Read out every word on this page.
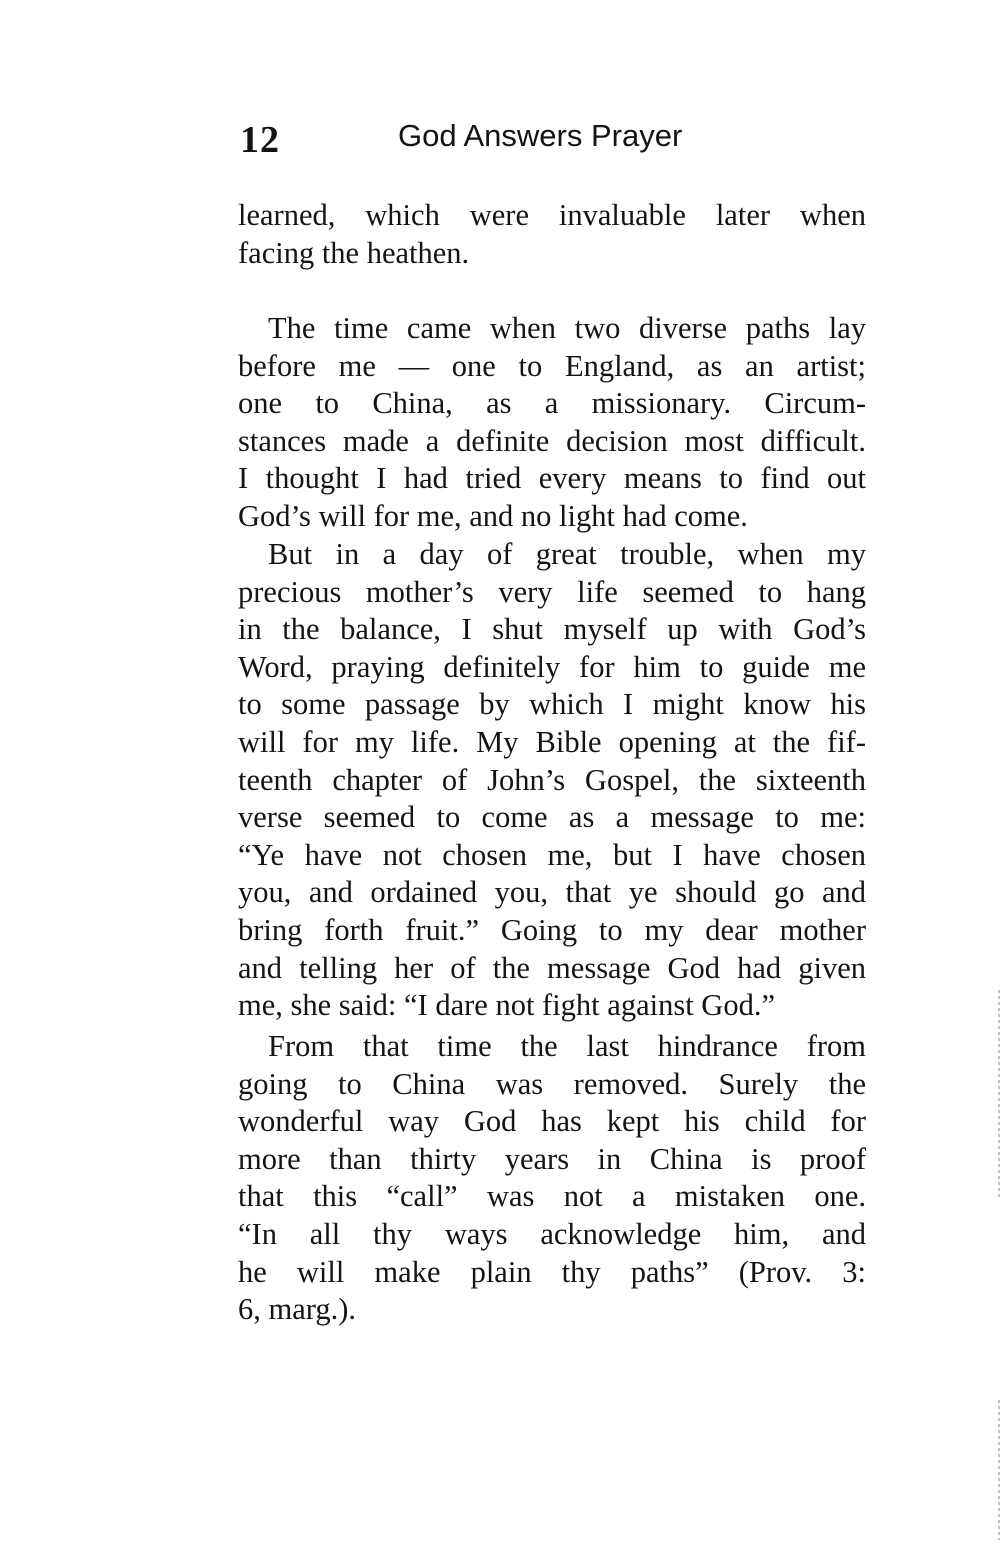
12	God Answers Prayer
learned, which were invaluable later when
facing the heathen.
The time came when two diverse paths lay
before me — one to England, as an artist;
one to China, as a missionary. Circum-
stances made a definite decision most difficult.
I thought I had tried every means to find out
God’s will for me, and no light had come.
But in a day of great trouble, when my
precious mother’s very life seemed to hang
in the balance, I shut myself up with God’s
Word, praying definitely for him to guide me
to some passage by which I might know his
will for my life. My Bible opening at the fif-
teenth chapter of John’s Gospel, the sixteenth
verse seemed to come as a message to me:
“Ye have not chosen me, but I have chosen
you, and ordained you, that ye should go and
bring forth fruit.” Going to my dear mother
and telling her of the message God had given
me, she said: “I dare not fight against God.”
From that time the last hindrance from
going to China was removed. Surely the
wonderful way God has kept his child for
more than thirty years in China is proof
that this “call” was not a mistaken one.
“In all thy ways acknowledge him, and
he will make plain thy paths” (Prov. 3:
6, marg.).
